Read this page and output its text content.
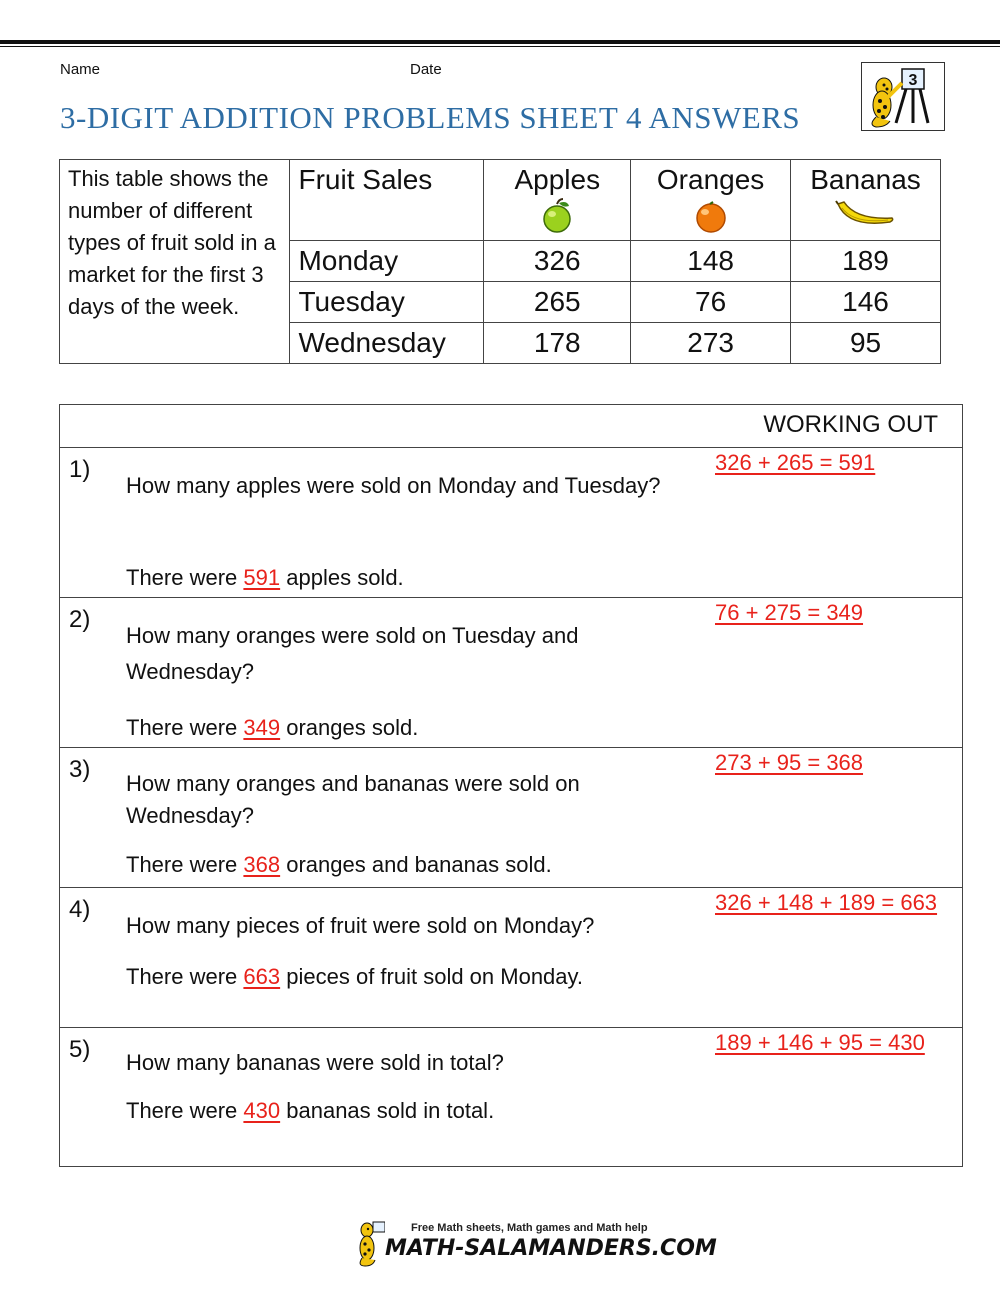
Name	Date
3-DIGIT ADDITION PROBLEMS SHEET 4 ANSWERS
3
This table shows the number of different types of fruit sold in a market for the first 3 days of the week.	Fruit Sales	Apples	Oranges	Bananas

	Monday	326	148	189
	Tuesday	265	76	146
	Wednesday	178	273	95
WORKING OUT
1)
How many apples were sold on Monday and Tuesday?
There were 591 apples sold.
326 + 265 = 591
2)
How many oranges were sold on Tuesday and Wednesday?
There were 349 oranges sold.
76 + 275 = 349
3)
How many oranges and bananas were sold on Wednesday?
There were 368 oranges and bananas sold.
273 + 95 = 368
4)
How many pieces of fruit were sold on Monday?
There were 663 pieces of fruit sold on Monday.
326 + 148 + 189 = 663
5) How many bananas were sold in total?
There were 430 bananas sold in total.
189 + 146 + 95 = 430
Free Math sheets, Math games and Math help
MATH-SALAMANDERS.COM
